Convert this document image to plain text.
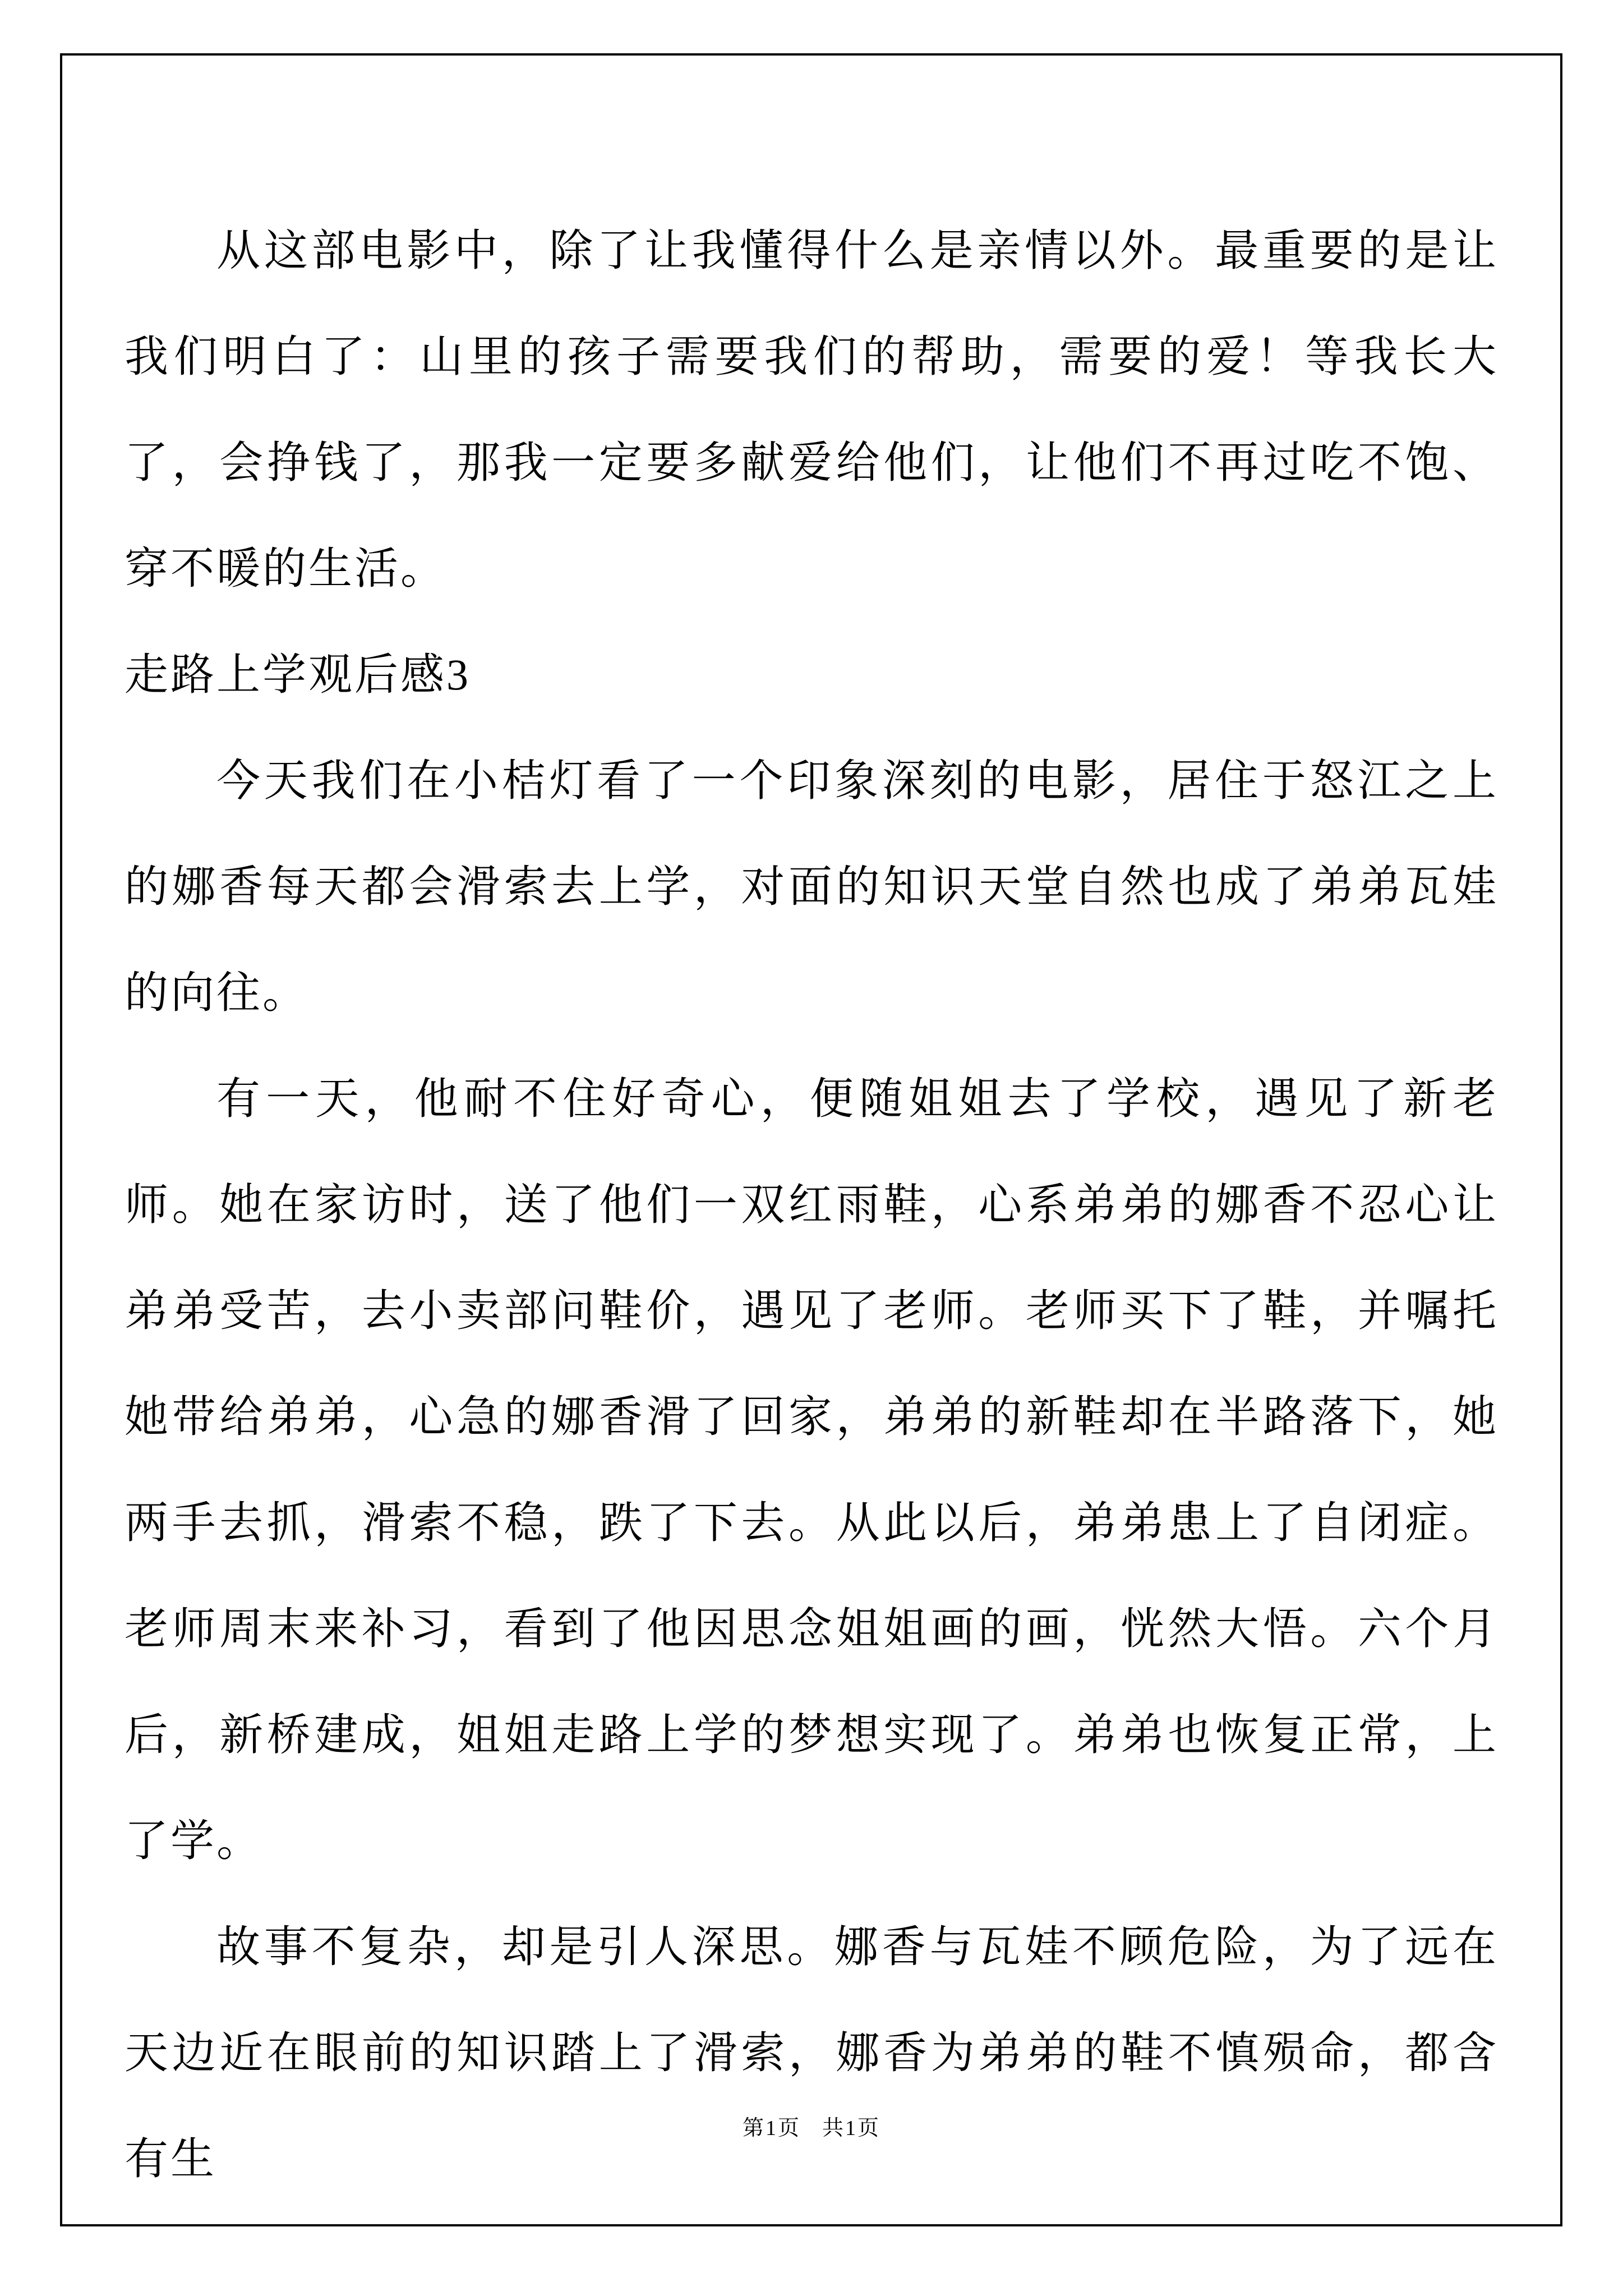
从这部电影中，除了让我懂得什么是亲情以外。最重要的是让我们明白了：山里的孩子需要我们的帮助，需要的爱！等我长大了，会挣钱了，那我一定要多献爱给他们，让他们不再过吃不饱、穿不暖的生活。

走路上学观后感3

今天我们在小桔灯看了一个印象深刻的电影，居住于怒江之上的娜香每天都会滑索去上学，对面的知识天堂自然也成了弟弟瓦娃的向往。

有一天，他耐不住好奇心，便随姐姐去了学校，遇见了新老师。她在家访时，送了他们一双红雨鞋，心系弟弟的娜香不忍心让弟弟受苦，去小卖部问鞋价，遇见了老师。老师买下了鞋，并嘱托她带给弟弟，心急的娜香滑了回家，弟弟的新鞋却在半路落下，她两手去抓，滑索不稳，跌了下去。从此以后，弟弟患上了自闭症。老师周末来补习，看到了他因思念姐姐画的画，恍然大悟。六个月后，新桥建成，姐姐走路上学的梦想实现了。弟弟也恢复正常，上了学。

故事不复杂，却是引人深思。娜香与瓦娃不顾危险，为了远在天边近在眼前的知识踏上了滑索，娜香为弟弟的鞋不慎殒命，都含有生

第1页 共1页
